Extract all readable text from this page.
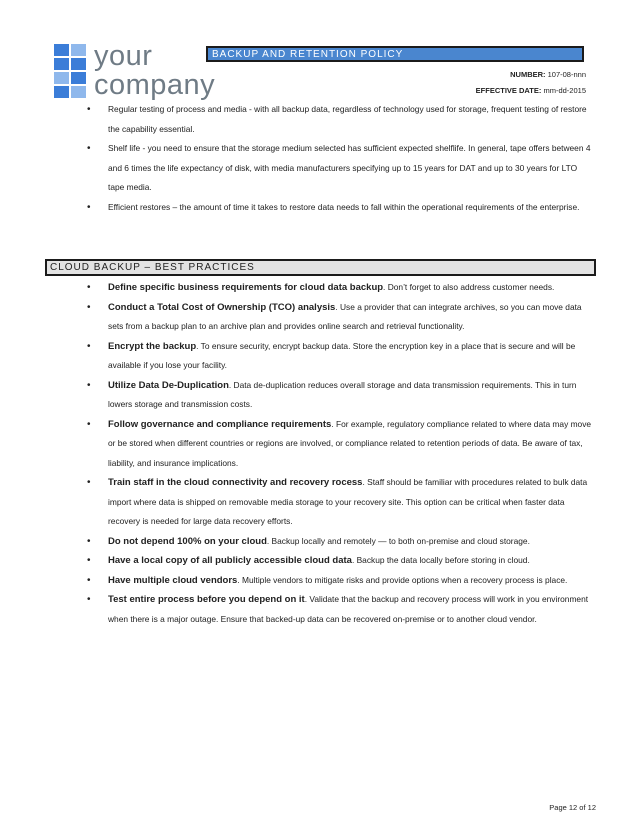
your
company
BACKUP AND RETENTION POLICY
NUMBER: 107-08-nnn
EFFECTIVE DATE: mm-dd-2015
•	Regular testing of process and media - with all backup data, regardless of technology used for storage, frequent testing of restore the capability essential.
•	Shelf life - you need to ensure that the storage medium selected has sufficient expected shelflife. In general, tape offers between 4 and 6 times the life expectancy of disk, with media manufacturers specifying up to 15 years for DAT and up to 30 years for LTO tape media.
•	Efficient restores – the amount of time it takes to restore data needs to fall within the operational requirements of the enterprise.
CLOUD BACKUP – BEST PRACTICES
•	Define specific business requirements for cloud data backup. Don’t forget to also address customer needs.
•	Conduct a Total Cost of Ownership (TCO) analysis. Use a provider that can integrate archives, so you can move data sets from a backup plan to an archive plan and provides online search and retrieval functionality.
•	Encrypt the backup. To ensure security, encrypt backup data. Store the encryption key in a place that is secure and will be available if you lose your facility.
•	Utilize Data De-Duplication. Data de-duplication reduces overall storage and data transmission requirements. This in turn lowers storage and transmission costs.
•	Follow governance and compliance requirements. For example, regulatory compliance related to where data may move or be stored when different countries or regions are involved, or compliance related to retention periods of data. Be aware of tax, liability, and insurance implications.
•	Train staff in the cloud connectivity and recovery rocess. Staff should be familiar with procedures related to bulk data import where data is shipped on removable media storage to your recovery site. This option can be critical when faster data recovery is needed for large data recovery efforts.
•	Do not depend 100% on your cloud. Backup locally and remotely — to both on-premise and cloud storage.
•	Have a local copy of all publicly accessible cloud data. Backup the data locally before storing in cloud.
•	Have multiple cloud vendors. Multiple vendors to mitigate risks and provide options when a recovery process is place.
•	Test entire process before you depend on it. Validate that the backup and recovery process will work in you environment when there is a major outage. Ensure that backed-up data can be recovered on-premise or to another cloud vendor.
Page 12 of 12
